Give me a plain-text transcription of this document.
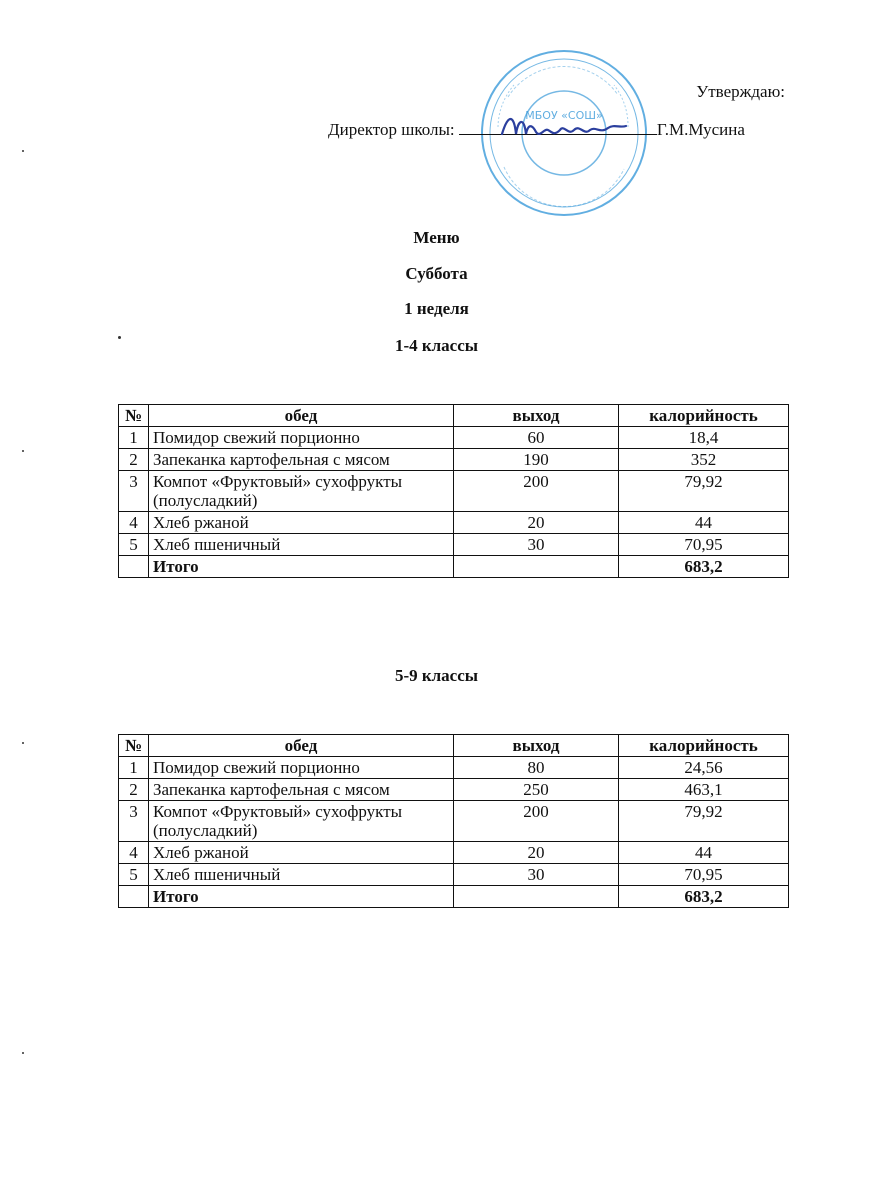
МБОУ «СОШ»
Утверждаю:
Директор школы:	Г.М.Мусина
Меню
Суббота
1 неделя
1-4 классы
№	обед	выход	калорийность
1	Помидор свежий порционно	60	18,4
2	Запеканка картофельная с мясом	190	352
3	Компот «Фруктовый» сухофрукты (полусладкий)	200	79,92
4	Хлеб ржаной	20	44
5	Хлеб пшеничный	30	70,95
	Итого		683,2
5-9 классы
№	обед	выход	калорийность
1	Помидор свежий порционно	80	24,56
2	Запеканка картофельная с мясом	250	463,1
3	Компот «Фруктовый» сухофрукты (полусладкий)	200	79,92
4	Хлеб ржаной	20	44
5	Хлеб пшеничный	30	70,95
	Итого		683,2
